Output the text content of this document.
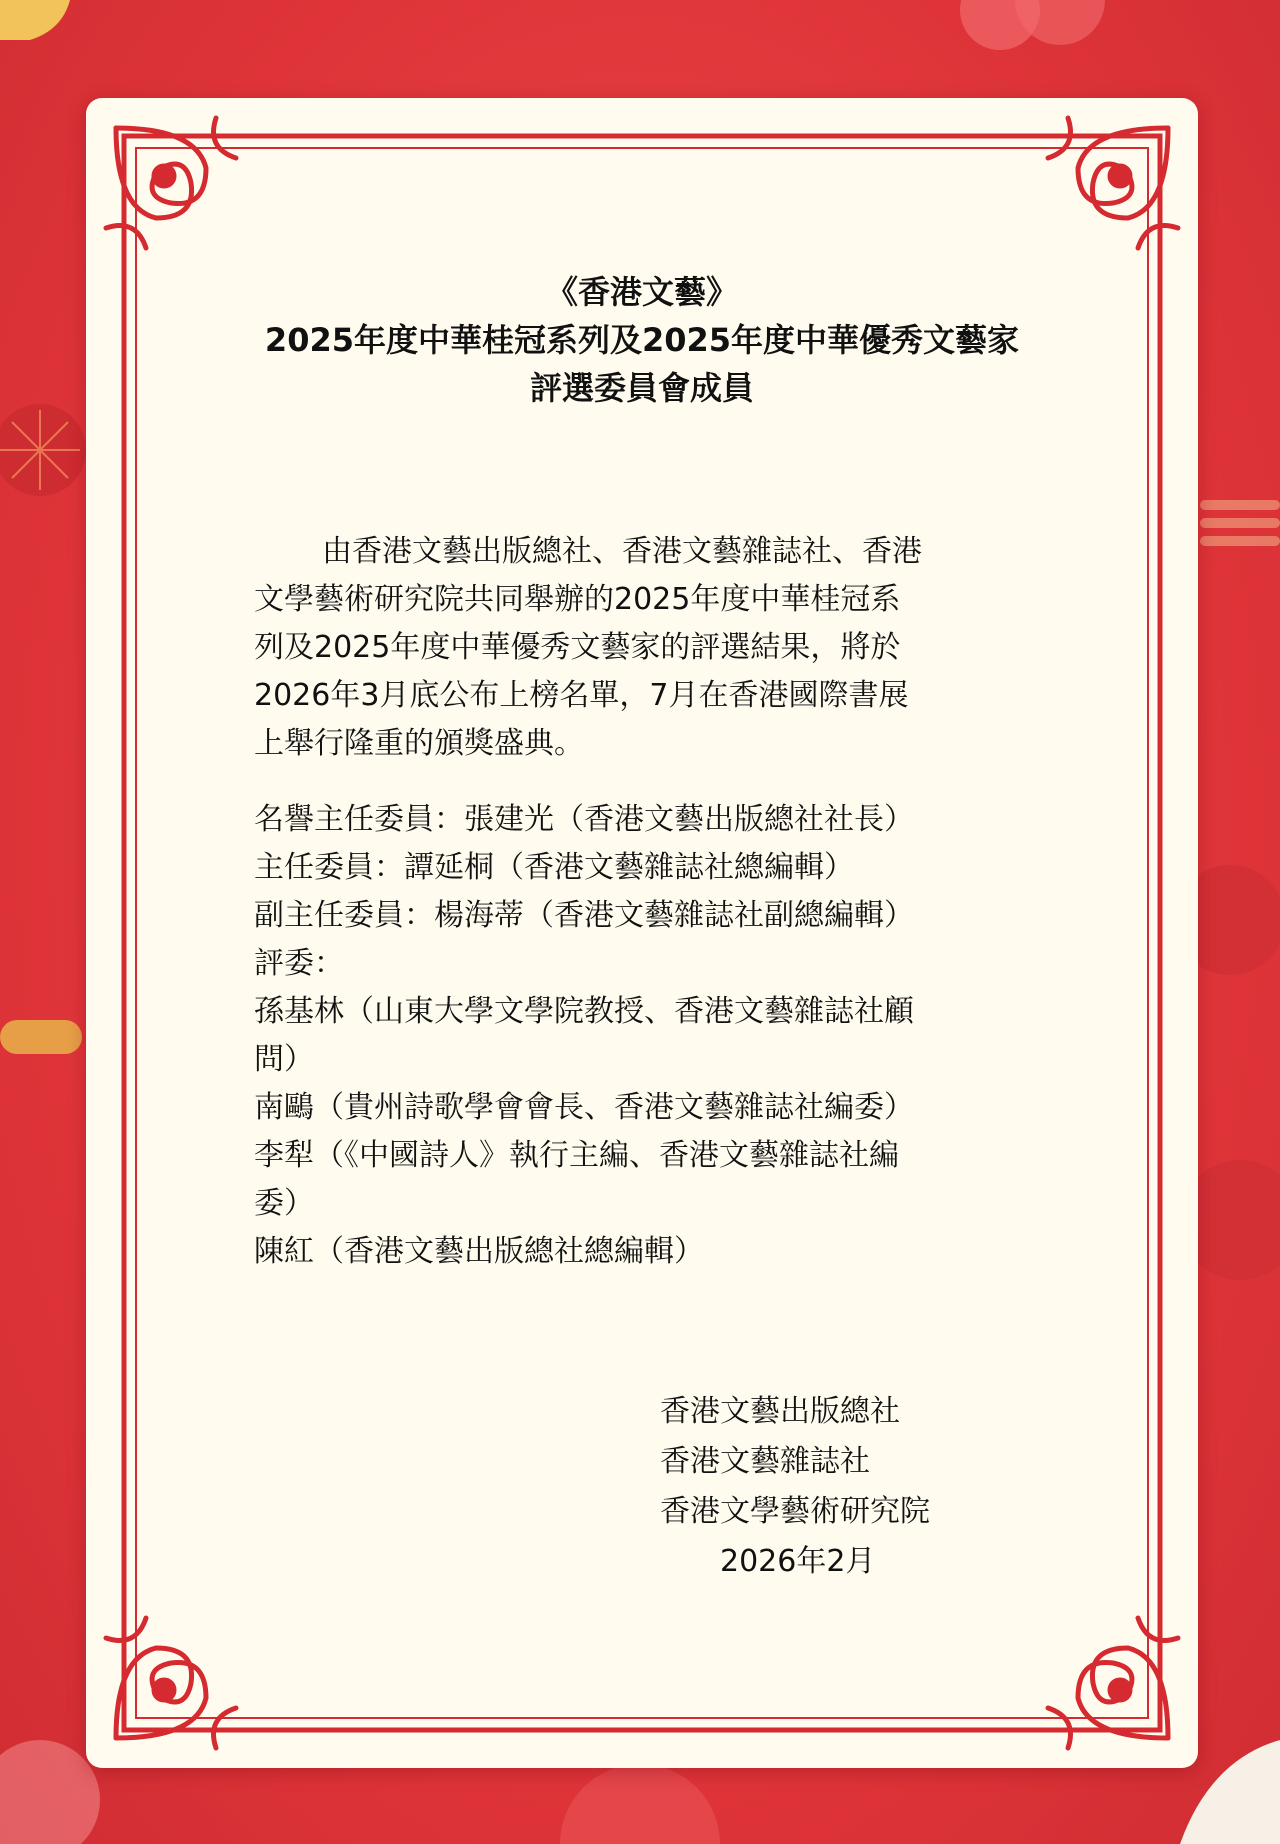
《香港文藝》
2025年度中華桂冠系列及2025年度中華優秀文藝家
評選委員會成員
由香港文藝出版總社、香港文藝雜誌社、香港
文學藝術研究院共同舉辦的2025年度中華桂冠系
列及2025年度中華優秀文藝家的評選結果，將於
2026年3月底公布上榜名單，7月在香港國際書展
上舉行隆重的頒獎盛典。
名譽主任委員：張建光（香港文藝出版總社社長）
主任委員：譚延桐（香港文藝雜誌社總編輯）
副主任委員：楊海蒂（香港文藝雜誌社副總編輯）
評委：
孫基林（山東大學文學院教授、香港文藝雜誌社顧
問）
南鷗（貴州詩歌學會會長、香港文藝雜誌社編委）
李犁（《中國詩人》執行主編、香港文藝雜誌社編
委）
陳紅（香港文藝出版總社總編輯）
香港文藝出版總社
香港文藝雜誌社
香港文學藝術研究院
2026年2月
